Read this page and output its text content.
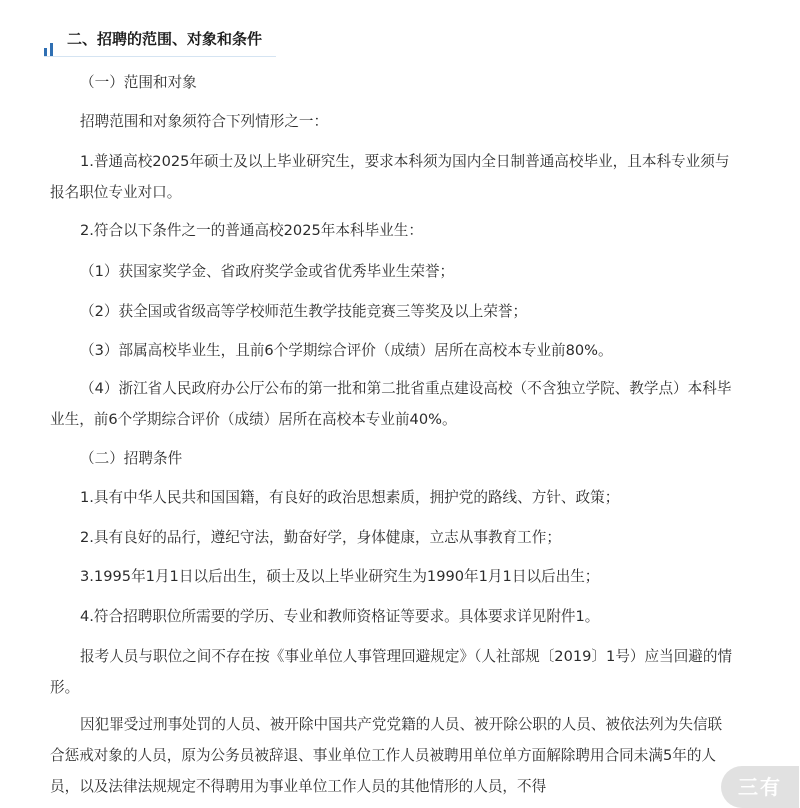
二、招聘的范围、对象和条件

（一）范围和对象

招聘范围和对象须符合下列情形之一：

1.普通高校2025年硕士及以上毕业研究生，要求本科须为国内全日制普通高校毕业，且本科专业须与报名职位专业对口。

2.符合以下条件之一的普通高校2025年本科毕业生：

（1）获国家奖学金、省政府奖学金或省优秀毕业生荣誉；

（2）获全国或省级高等学校师范生教学技能竞赛三等奖及以上荣誉；

（3）部属高校毕业生，且前6个学期综合评价（成绩）居所在高校本专业前80%。

（4）浙江省人民政府办公厅公布的第一批和第二批省重点建设高校（不含独立学院、教学点）本科毕业生，前6个学期综合评价（成绩）居所在高校本专业前40%。

（二）招聘条件

1.具有中华人民共和国国籍，有良好的政治思想素质，拥护党的路线、方针、政策；

2.具有良好的品行，遵纪守法，勤奋好学，身体健康，立志从事教育工作；

3.1995年1月1日以后出生，硕士及以上毕业研究生为1990年1月1日以后出生；

4.符合招聘职位所需要的学历、专业和教师资格证等要求。具体要求详见附件1。

报考人员与职位之间不存在按《事业单位人事管理回避规定》（人社部规〔2019〕1号）应当回避的情形。

因犯罪受过刑事处罚的人员、被开除中国共产党党籍的人员、被开除公职的人员、被依法列为失信联合惩戒对象的人员，原为公务员被辞退、事业单位工作人员被聘用单位单方面解除聘用合同未满5年的人员，以及法律法规规定不得聘用为事业单位工作人员的其他情形的人员，不得	三有
